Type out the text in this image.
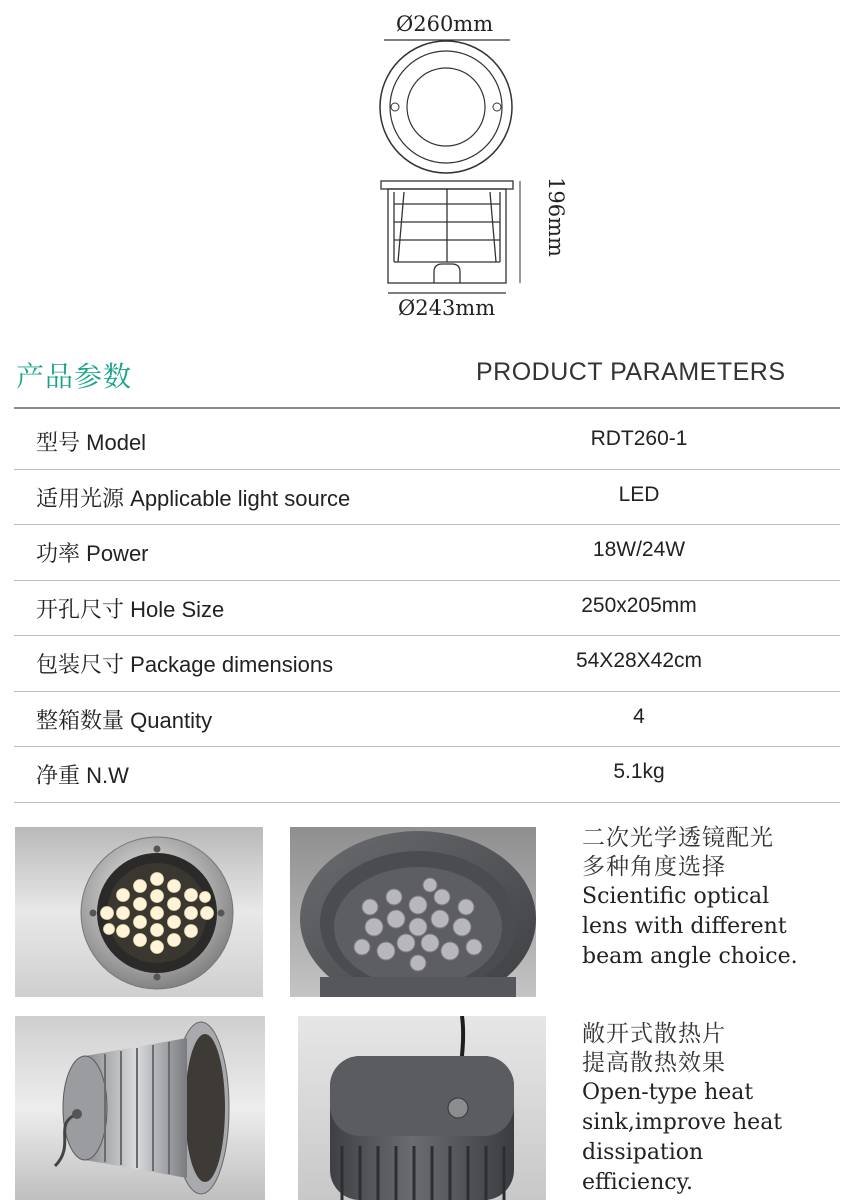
Ø260mm
196mm
Ø243mm
产品参数	PRODUCT PARAMETERS
型号 Model	RDT260-1
适用光源 Applicable light source	LED
功率 Power	18W/24W
开孔尺寸 Hole Size	250x205mm
包装尺寸 Package dimensions	54X28X42cm
整箱数量 Quantity	4
净重 N.W	5.1kg
二次光学透镜配光
多种角度选择
Scientific optical
lens with different
beam angle choice.
敞开式散热片
提高散热效果
Open-type heat
sink,improve heat
dissipation
efficiency.
